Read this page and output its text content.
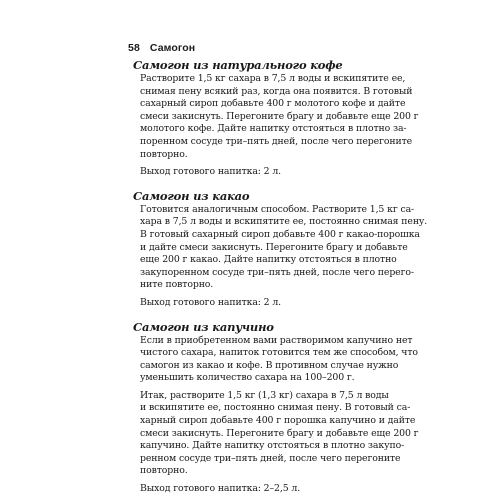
58 Самогон
Самогон из натурального кофе
Растворите 1,5 кг сахара в 7,5 л воды и вскипятите ее,
снимая пену всякий раз, когда она появится. В готовый
сахарный сироп добавьте 400 г молотого кофе и дайте
смеси закиснуть. Перегоните брагу и добавьте еще 200 г
молотого кофе. Дайте напитку отстояться в плотно за-
поренном сосуде три–пять дней, после чего перегоните
повторно.
Выход готового напитка: 2 л.
Самогон из какао
Готовится аналогичным способом. Растворите 1,5 кг са-
хара в 7,5 л воды и вскипятите ее, постоянно снимая пену.
В готовый сахарный сироп добавьте 400 г какао-порошка
и дайте смеси закиснуть. Перегоните брагу и добавьте
еще 200 г какао. Дайте напитку отстояться в плотно
закупоренном сосуде три–пять дней, после чего перего-
ните повторно.
Выход готового напитка: 2 л.
Самогон из капучино
Если в приобретенном вами растворимом капучино нет
чистого сахара, напиток готовится тем же способом, что
самогон из какао и кофе. В противном случае нужно
уменьшить количество сахара на 100–200 г.
Итак, растворите 1,5 кг (1,3 кг) сахара в 7,5 л воды
и вскипятите ее, постоянно снимая пену. В готовый са-
харный сироп добавьте 400 г порошка капучино и дайте
смеси закиснуть. Перегоните брагу и добавьте еще 200 г
капучино. Дайте напитку отстояться в плотно закупо-
ренном сосуде три–пять дней, после чего перегоните
повторно.
Выход готового напитка: 2–2,5 л.
